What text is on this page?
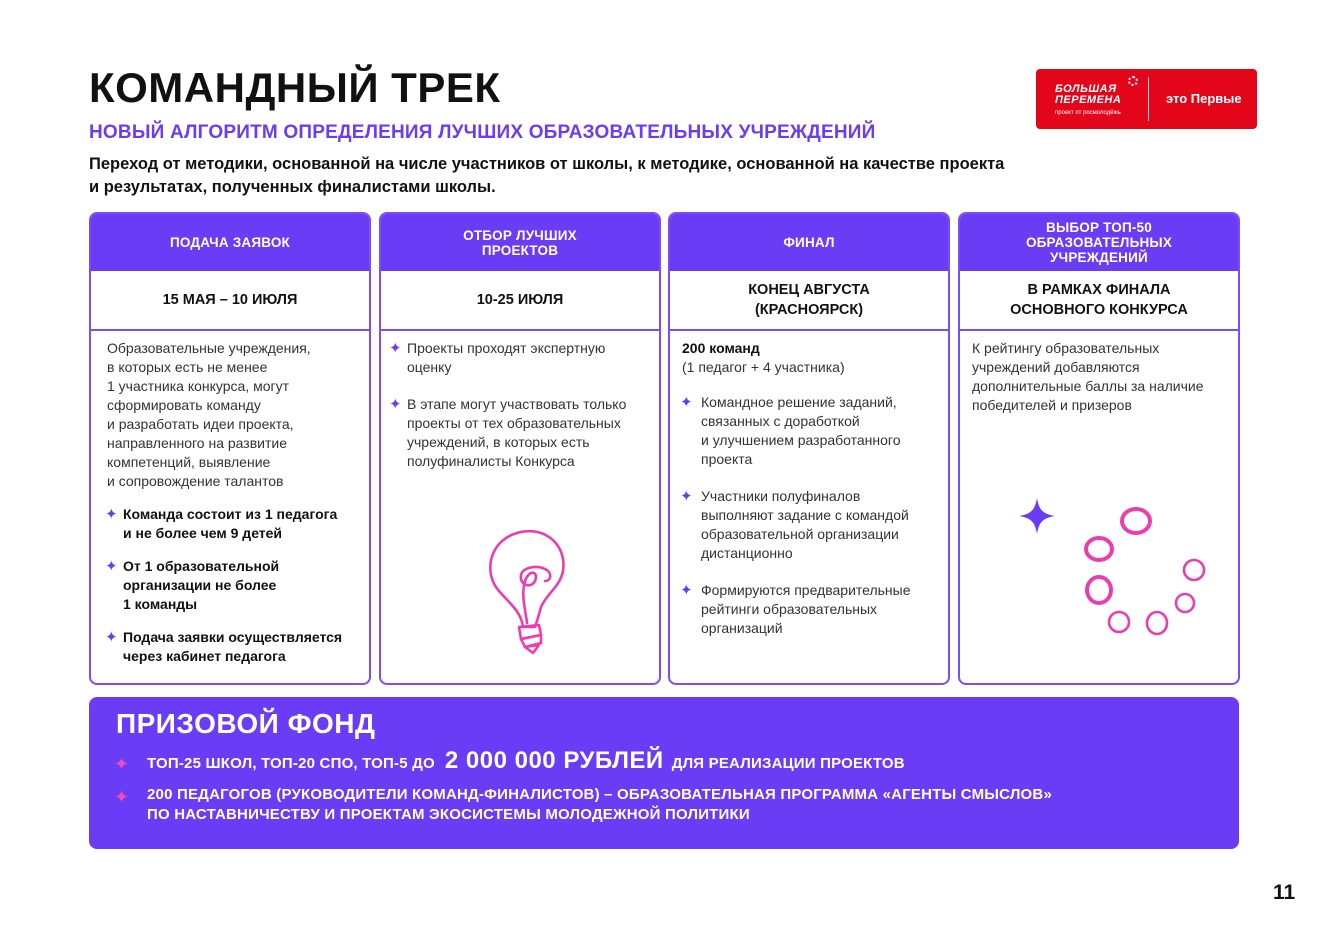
КОМАНДНЫЙ ТРЕК
НОВЫЙ АЛГОРИТМ ОПРЕДЕЛЕНИЯ ЛУЧШИХ ОБРАЗОВАТЕЛЬНЫХ УЧРЕЖДЕНИЙ
Переход от методики, основанной на числе участников от школы, к методике, основанной на качестве проекта
и результатах, полученных финалистами школы.
БОЛЬШАЯ
ПЕРЕМЕНА
проект от росмолодёжь
это Первые
ПОДАЧА ЗАЯВОК
15 МАЯ – 10 ИЮЛЯ
Образовательные учреждения,
в которых есть не менее
1 участника конкурса, могут
сформировать команду
и разработать идеи проекта,
направленного на развитие
компетенций, выявление
и сопровождение талантов
✦ Команда состоит из 1 педагога
и не более чем 9 детей
✦ От 1 образовательной
организации не более
1 команды
✦ Подача заявки осуществляется
через кабинет педагога
ОТБОР ЛУЧШИХ
ПРОЕКТОВ
10-25 ИЮЛЯ
✦ Проекты проходят экспертную
оценку
✦ В этапе могут участвовать только
проекты от тех образовательных
учреждений, в которых есть
полуфиналисты Конкурса
ФИНАЛ
КОНЕЦ АВГУСТА
(КРАСНОЯРСК)
200 команд
(1 педагог + 4 участника)
✦ Командное решение заданий,
связанных с доработкой
и улучшением разработанного
проекта
✦ Участники полуфиналов
выполняют задание с командой
образовательной организации
дистанционно
✦ Формируются предварительные
рейтинги образовательных
организаций
ВЫБОР ТОП-50
ОБРАЗОВАТЕЛЬНЫХ
УЧРЕЖДЕНИЙ
В РАМКАХ ФИНАЛА
ОСНОВНОГО КОНКУРСА
К рейтингу образовательных
учреждений добавляются
дополнительные баллы за наличие
победителей и призеров
ПРИЗОВОЙ ФОНД
✦ ТОП-25 ШКОЛ, ТОП-20 СПО, ТОП-5 ДО 2 000 000 РУБЛЕЙ ДЛЯ РЕАЛИЗАЦИИ ПРОЕКТОВ
✦ 200 ПЕДАГОГОВ (РУКОВОДИТЕЛИ КОМАНД-ФИНАЛИСТОВ) – ОБРАЗОВАТЕЛЬНАЯ ПРОГРАММА «АГЕНТЫ СМЫСЛОВ»
ПО НАСТАВНИЧЕСТВУ И ПРОЕКТАМ ЭКОСИСТЕМЫ МОЛОДЕЖНОЙ ПОЛИТИКИ
11
